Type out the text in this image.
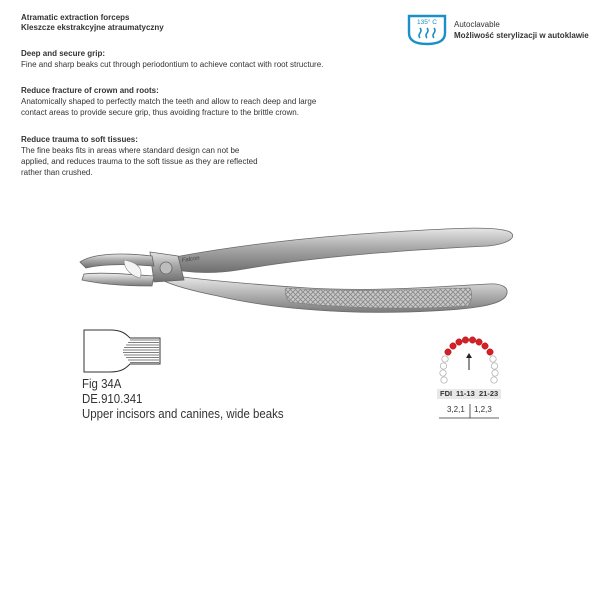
Atramatic extraction forceps
Kleszcze ekstrakcyjne atraumatyczny
135° C Autoclavable
Możliwość sterylizacji w autoklawie
Deep and secure grip:
Fine and sharp beaks cut through periodontium to achieve contact with root structure.
Reduce fracture of crown and roots:
Anatomically shaped to perfectly match the teeth and allow to reach deep and large contact areas to provide secure grip, thus avoiding fracture to the brittle crown.
Reduce trauma to soft tissues:
The fine beaks fits in areas where standard design can not be applied, and reduces trauma to the soft tissue as they are reflected rather than crushed.
Falcon
Fig 34A
DE.910.341
Upper incisors and canines, wide beaks
FDI 11-13 21-23
3,2,1 1,2,3
